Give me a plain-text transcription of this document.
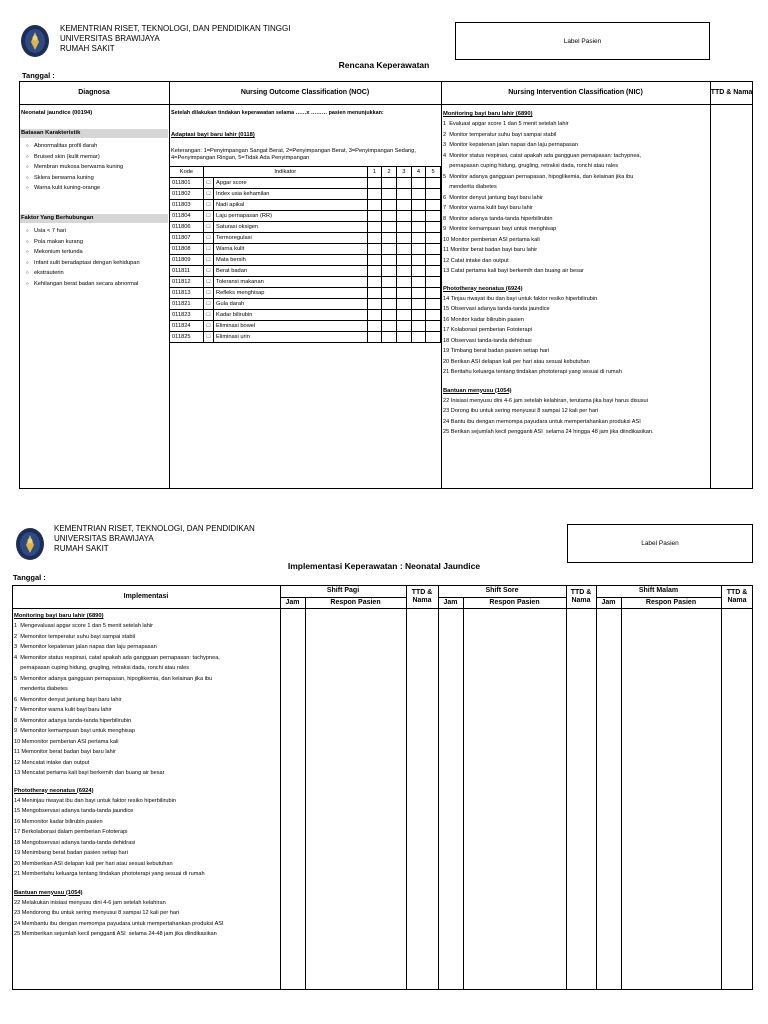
KEMENTRIAN RISET, TEKNOLOGI, DAN PENDIDIKAN TINGGI
UNIVERSITAS BRAWIJAYA
RUMAH SAKIT
Label Pasien
Rencana Keperawatan
Tanggal :
Diagnosa	Nursing Outcome Classification (NOC)	Nursing Intervention Classification (NIC)	TTD & Nama
Neonatal jaundice (00194)
Batasan Karakteristik
○ Abnormalitas profil darah
○ Bruised skin (kulit memar)
○ Membran mukosa berwarna kuning
○ Sklera berwarna kuning
○ Warna kulit kuning-orange
Faktor Yang Berhubungan
○ Usia < 7 hari
○ Pola makan kurang
○ Mekonium tertunda
○ Infant sulit beradaptasi dengan kehidupan
○ ekstrauterin
○ Kehilangan berat badan secara abnormal
Setelah dilakukan tindakan keperawatan selama ……x ……… pasien menunjukkan:
Adaptasi bayi baru lahir (0118)
Keterangan: 1=Penyimpangan Sangat Berat, 2=Penyimpangan Berat, 3=Penyimpangan Sedang, 4=Penyimpangan Ringan, 5=Tidak Ada Penyimpangan
Kode	Indikator		1	2	3	4	5
011801	□	Apgar score					
011802	□	Index usia kehamilan					
011803	□	Nadi apikal					
011804	□	Laju pernapasan (RR)					
011806	□	Saturasi oksigen					
011807	□	Termoregulasi					
011808	□	Warna kulit					
011809	□	Mata bersih					
011811	□	Berat badan					
011812	□	Toleransi makanan					
011813	□	Refleks menghisap					
011821	□	Gula darah					
011823	□	Kadar bilirubin					
011824	□	Eliminasi bowel					
011825	□	Eliminasi urin					
Monitoring bayi baru lahir (6890)
1  Evaluasi apgar score 1 dan 5 menit setelah lahir
2  Monitor temperatur suhu bayi sampai stabil
3  Monitor kepatenan jalan napas dan laju pernapasan
4  Monitor status respirasi, catat apakah ada gangguan pernapasan: tachypnea,
pernapasan cuping hidung, grugling, retraksi dada, ronchi atau rales
5  Monitor adanya gangguan pernapasan, hipoglikemia, dan kelainan jika ibu
menderita diabetes
6  Monitor denyut jantung bayi baru lahir
7  Monitor warna kulit bayi baru lahir
8  Monitor adanya tanda-tanda hiperbilirubin
9  Monitor kemampuan bayi untuk menghisap
10 Monitor pemberian ASI pertama kali
11 Monitor berat badan bayi baru lahir
12 Catat intake dan output
13 Catat pertama kali bayi berkemih dan buang air besar
Phototheray neonatus (6924)
14 Tinjau riwayat ibu dan bayi untuk faktor resiko hiperbilirubin
15 Observasi adanya tanda-tanda jaundice
16 Monitor kadar bilirubin pasien
17 Kolaborasi pemberian Fototerapi
18 Observasi tanda-tanda dehidrasi
19 Timbang berat badan pasien setiap hari
20 Berikan ASI delapan kali per hari atau sesuai kebutuhan
21 Beritahu keluarga tentang tindakan phototerapi yang sesuai di rumah
Bantuan menyusu (1054)
22 Inisiasi menyusu dini 4-6 jam setelah kelahiran, terutama jika bayi harus disusui
23 Dorong ibu untuk sering menyusui 8 sampai 12 kali per hari
24 Bantu ibu dengan memompa payudara untuk mempertahankan produksi ASI
25 Berikan sejumlah kecil pengganti ASI  selama 24 hingga 48 jam jika diindikasikan.
KEMENTRIAN RISET, TEKNOLOGI, DAN PENDIDIKAN
UNIVERSITAS BRAWIJAYA
RUMAH SAKIT
Label Pasien
Implementasi Keperawatan : Neonatal Jaundice
Tanggal :
Implementasi
Shift Pagi
Jam	Respon Pasien
TTD & Nama
Shift Sore
Jam	Respon Pasien
TTD & Nama
Shift Malam
Jam	Respon Pasien
TTD & Nama
Monitoring bayi baru lahir (6890)
1  Mengevaluasi apgar score 1 dan 5 menit setelah lahir
2  Memonitor temperatur suhu bayi sampai stabil
3  Memonitor kepatenan jalan napas dan laju pernapasan
4  Memonitor status respirasi, catat apakah ada gangguan pernapasan: tachypnea,
pernapasan cuping hidung, grugling, retraksi dada, ronchi atau rales
5  Memonitor adanya gangguan pernapasan, hipoglikemia, dan kelainan jika ibu
menderita diabetes
6  Memonitor denyut jantung bayi baru lahir
7  Memonitor warna kulit bayi baru lahir
8  Memonitor adanya tanda-tanda hiperbilirubin
9  Memonitor kemampuan bayi untuk menghisap
10 Memonitor pemberian ASI pertama kali
11 Memonitor berat badan bayi baru lahir
12 Mencatat intake dan output
13 Mencatat pertama kali bayi berkemih dan buang air besar
Phototheray neonatus (6924)
14 Meninjau riwayat ibu dan bayi untuk faktor resiko hiperbilirubin
15 Mengobservasi adanya tanda-tanda jaundice
16 Memonitor kadar bilirubin pasien
17 Berkolaborasi dalam pemberian Fototerapi
18 Mengobservasi adanya tanda-tanda dehidrasi
19 Menimbang berat badan pasien setiap hari
20 Memberikan ASI delapan kali per hari atau sesuai kebutuhan
21 Memberitahu keluarga tentang tindakan phototerapi yang sesuai di rumah
Bantuan menyusu (1054)
22 Melakukan inisiasi menyusu dini 4-6 jam setelah kelahiran
23 Mendorong ibu untuk sering menyusui 8 sampai 12 kali per hari
24 Membantu ibu dengan memompa payudara untuk mempertahankan produksi ASI
25 Memberikan sejumlah kecil pengganti ASI  selama 24-48 jam jika diindikasikan
